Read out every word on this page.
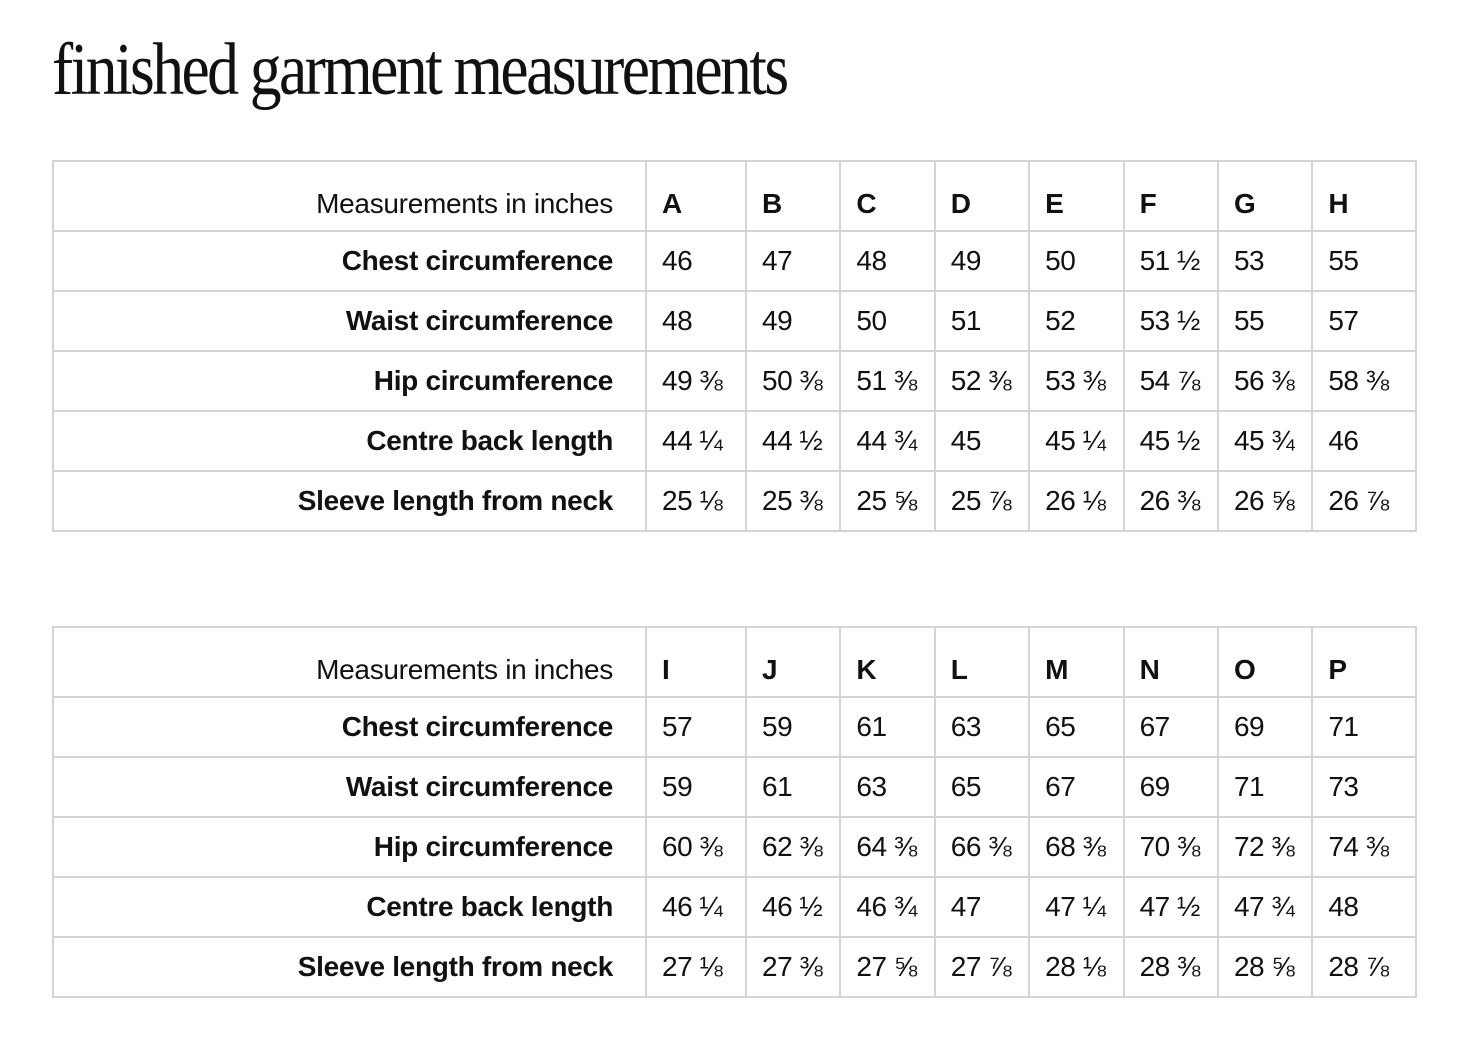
finished garment measurements
Measurements in inches	A	B	C	D	E	F	G	H
Chest circumference	46	47	48	49	50	51 ½	53	55
Waist circumference	48	49	50	51	52	53 ½	55	57
Hip circumference	49 ⅜	50 ⅜	51 ⅜	52 ⅜	53 ⅜	54 ⅞	56 ⅜	58 ⅜
Centre back length	44 ¼	44 ½	44 ¾	45	45 ¼	45 ½	45 ¾	46
Sleeve length from neck	25 ⅛	25 ⅜	25 ⅝	25 ⅞	26 ⅛	26 ⅜	26 ⅝	26 ⅞
Measurements in inches	I	J	K	L	M	N	O	P
Chest circumference	57	59	61	63	65	67	69	71
Waist circumference	59	61	63	65	67	69	71	73
Hip circumference	60 ⅜	62 ⅜	64 ⅜	66 ⅜	68 ⅜	70 ⅜	72 ⅜	74 ⅜
Centre back length	46 ¼	46 ½	46 ¾	47	47 ¼	47 ½	47 ¾	48
Sleeve length from neck	27 ⅛	27 ⅜	27 ⅝	27 ⅞	28 ⅛	28 ⅜	28 ⅝	28 ⅞
